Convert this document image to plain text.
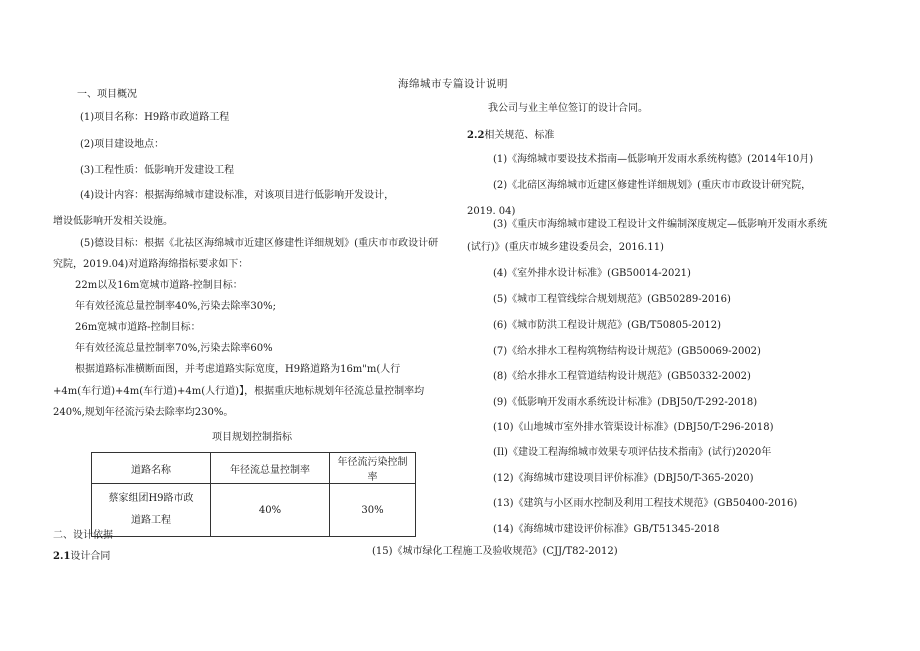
海绵城市专篇设计说明
一、项目概况
(1)项目名称：H9路市政道路工程
(2)项目建设地点：
(3)工程性质：低影响开发建设工程
(4)设计内容：根据海绵城市建设标准，对该项目进行低影响开发设计，
增设低影响开发相关设施。
(5)德设目标：根据《北祛区海绵城市近建区修建性详细规划》(重庆市市政设计研
究院，2019.04)对道路海绵指标要求如下：
22m以及16m宽城市道路-控制目标：
年有效径流总量控制率40%,污染去除率30%;
26m宽城市道路-控制目标：
年有效径流总量控制率70%,污染去除率60%
根据道路标准横断面图，并考虑道路实际宽度，H9路道路为16m"m(人行
+4m(车行道)+4m(车行道)+4m(人行道)】，根据重庆地标规划年径流总量控制率均
240%,规划年径流污染去除率均230%。
项目规划控制指标
道路名称	年径流总量控制率	年径流污染控制率

蔡家组团H9路市政
道路工程	40%	30%
二、设计依据
2.1设计合同
我公司与业主单位签订的设计合同。
2.2相关规范、标准
(1)《海绵城市要设技术指南—低影响开发雨水系统构德》(2014年10月)
(2)《北碚区海绵城市近建区修建性详细规划》(重庆市市政设计研究院，
2019. 04)
(3)《重庆市海绵城市建设工程设计文件编制深度规定—低影响开发雨水系统
(试行)》(重庆市城乡建设委员会，2016.11)
(4)《室外排水设计标准》(GB50014-2021)
(5)《城市工程管线综合规划规范》(GB50289-2016)
(6)《城市防洪工程设计规范》(GB/T50805-2012)
(7)《给水排水工程构筑物结构设计规范》(GB50069-2002)
(8)《给水排水工程管道结构设计规范》(GB50332-2002)
(9)《低影响开发雨水系统设计标准》(DBJ50/T-292-2018)
(10)《山地城市室外排水管渠设计标准》(DBJ50/T-296-2018)
(Il)《建设工程海绵城市效果专项评估技术指南》(试行)2020年
(12)《海绵城市建设项目评价标准》(DBJ50/T-365-2020)
(13)《建筑与小区雨水控制及利用工程技术规范》(GB50400-2016)
(14)《海绵城市建设评价标准》GB/T51345-2018
(15)《城市绿化工程施工及验收规范》(CJJ/T82-2012)
